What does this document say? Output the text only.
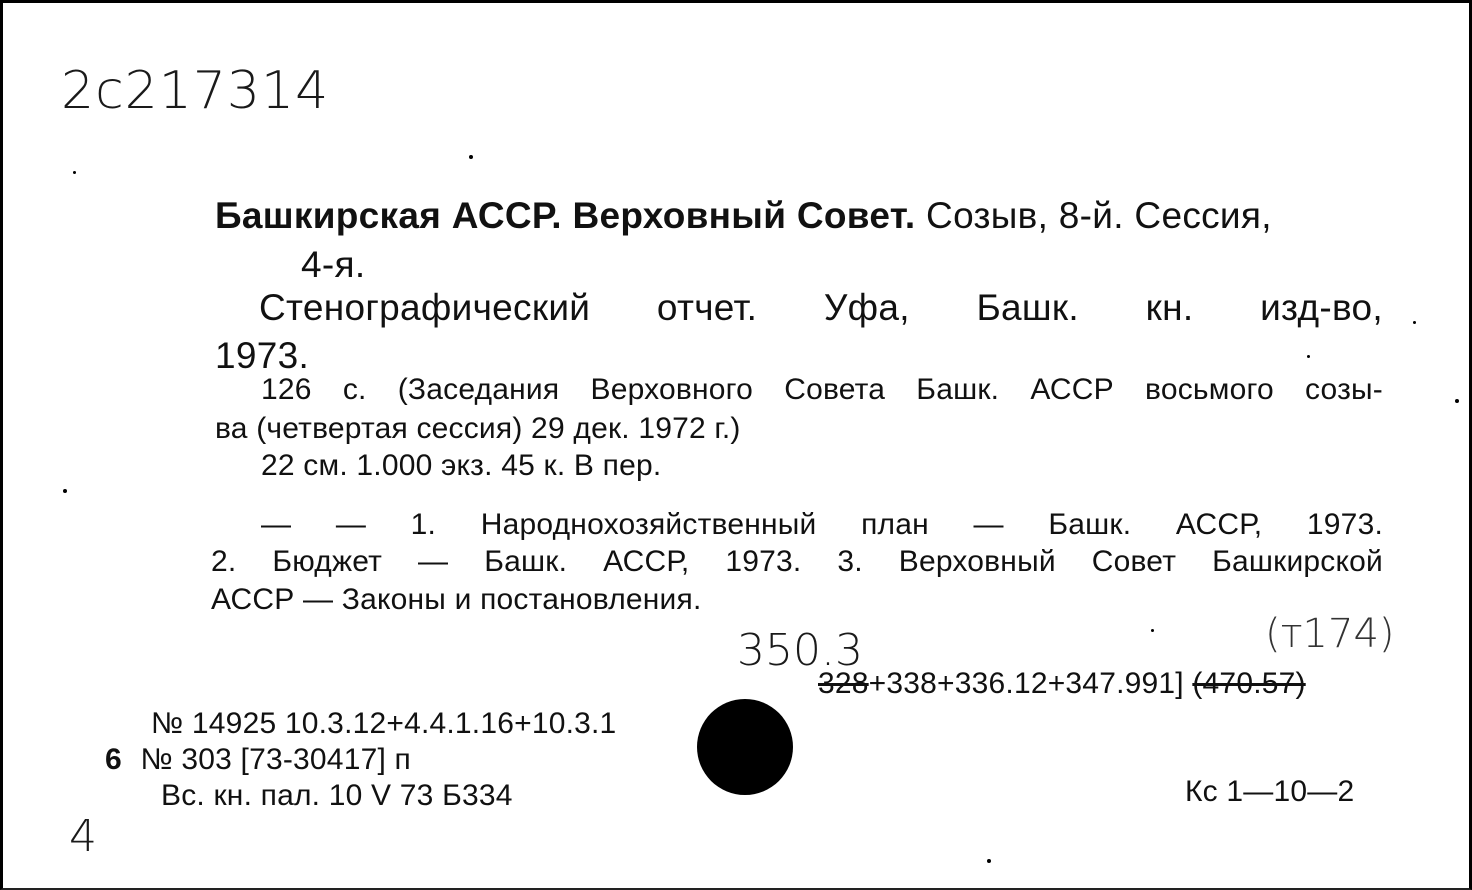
2с217314
Башкирская АССР. Верховный Совет. Созыв, 8-й. Сессия,
4-я.
Стенографический отчет. Уфа, Башк. кн. изд-во,
1973.
126 с. (Заседания Верховного Совета Башк. АССР восьмого созы-
ва (четвертая сессия) 29 дек. 1972 г.)
22 см. 1.000 экз. 45 к. В пер.
— — 1. Народнохозяйственный план — Башк. АССР, 1973.
2. Бюджет — Башк. АССР, 1973. 3. Верховный Совет Башкирской
АССР — Законы и постановления.
350.3	(т174)
328+338+336.12+347.991] (470.57)
№ 14925 10.3.12+4.4.1.16+10.3.1
6 № 303 [73-30417] п
Вс. кн. пал. 10 V 73 Б334	Кс 1—10—2
4
